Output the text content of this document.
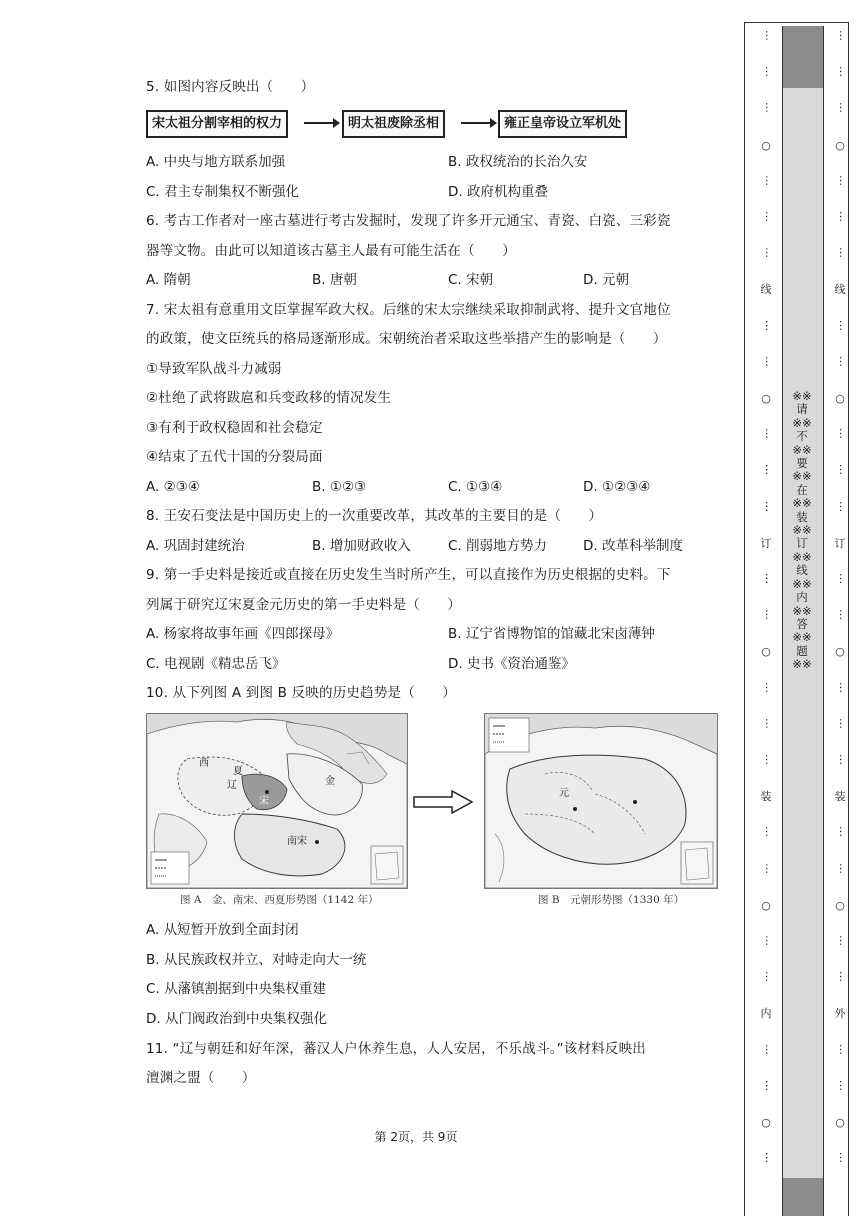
5. 如图内容反映出（　　）
A. 中央与地方联系加强	B. 政权统治的长治久安
C. 君主专制集权不断强化	D. 政府机构重叠
宋太祖分割宰相的权力	明太祖废除丞相	雍正皇帝设立军机处
6. 考古工作者对一座古墓进行考古发掘时，发现了许多开元通宝、青瓷、白瓷、三彩瓷
器等文物。由此可以知道该古墓主人最有可能生活在（　　）
A. 隋朝	B. 唐朝	C. 宋朝	D. 元朝
7. 宋太祖有意重用文臣掌握军政大权。后继的宋太宗继续采取抑制武将、提升文官地位
的政策，使文臣统兵的格局逐渐形成。宋朝统治者采取这些举措产生的影响是（　　）
①导致军队战斗力减弱
②杜绝了武将跋扈和兵变政移的情况发生
③有利于政权稳固和社会稳定
④结束了五代十国的分裂局面
A. ②③④	B. ①②③	C. ①③④	D. ①②③④
8. 王安石变法是中国历史上的一次重要改革，其改革的主要目的是（　　）
A. 巩固封建统治	B. 增加财政收入	C. 削弱地方势力	D. 改革科举制度
9. 第一手史料是接近或直接在历史发生当时所产生，可以直接作为历史根据的史料。下
列属于研究辽宋夏金元历史的第一手史料是（　　）
A. 杨家将故事年画《四郎探母》	B. 辽宁省博物馆的馆藏北宋卤薄钟
C. 电视剧《精忠岳飞》	D. 史书《资治通鉴》
10. 从下列图 A 到图 B 反映的历史趋势是（　　）
西
夏
辽	金
南宋
宋
图 A　金、南宋、西夏形势图（1142 年）
元
图 B　元朝形势图（1330 年）
A. 从短暂开放到全面封闭
B. 从民族政权并立、对峙走向大一统
C. 从藩镇割据到中央集权重建
D. 从门阀政治到中央集权强化
11. “辽与朝廷和好年深，蕃汉人户休养生息，人人安居，不乐战斗。”该材料反映出
澶渊之盟（　　）
第 2页，共 9页
…
…
…
○
…
…
…
线
…
…
○
…
…
…
订
…
…
○
…
…
…
装
…
…
○
…
…
内
…
…
○
…
※※请※※不※※要※※在※※装※※订※※线※※内※※答※※题※※
…
…
…
○
…
…
…
线
…
…
○
…
…
…
订
…
…
○
…
…
…
装
…
…
○
…
…
外
…
…
○
…
